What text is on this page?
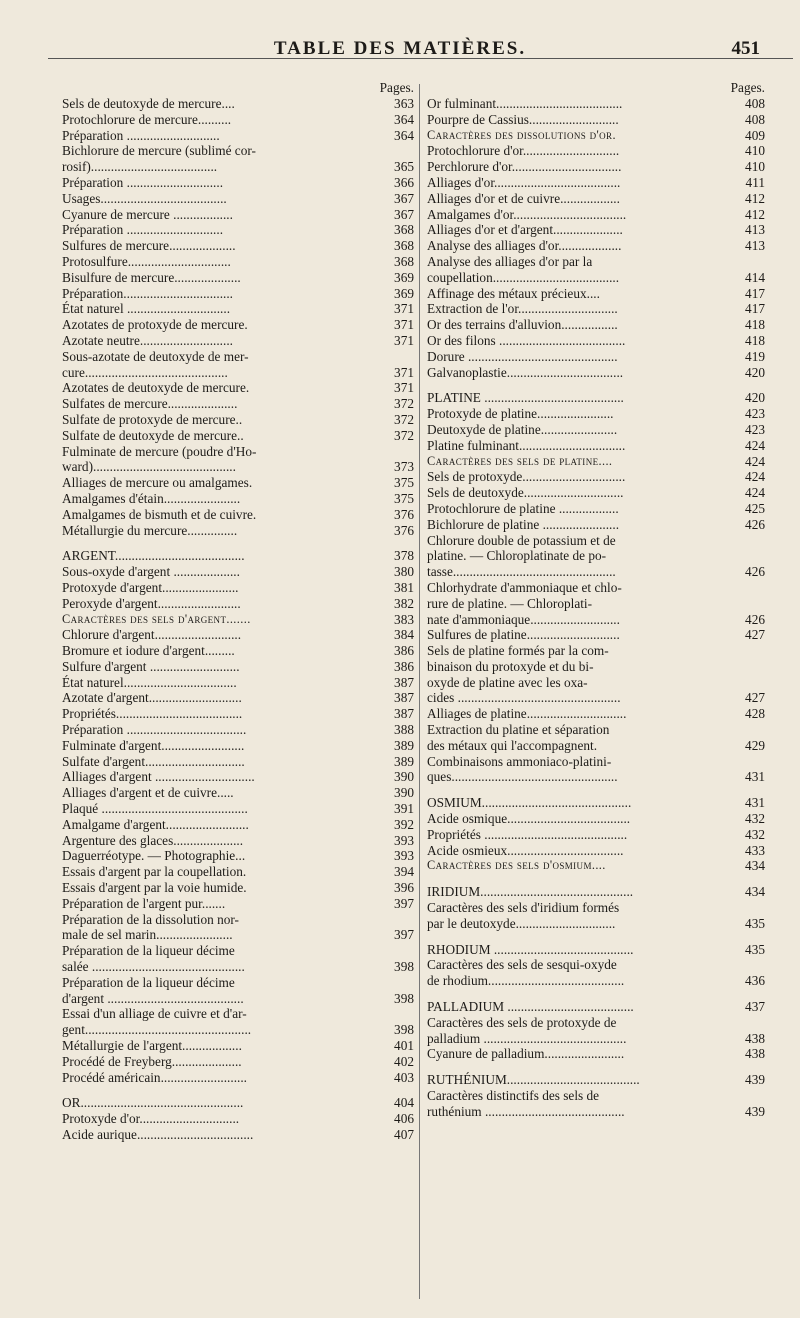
TABLE DES MATIÈRES.	451
Pages.
Sels de deutoxyde de mercure....	363
Protochlorure de mercure..........	364
Préparation ............................	364
Bichlorure de mercure (sublimé cor-
rosif)......................................	365
Préparation .............................	366
Usages......................................	367
Cyanure de mercure ..................	367
Préparation .............................	368
Sulfures de mercure....................	368
Protosulfure...............................	368
Bisulfure de mercure....................	369
Préparation.................................	369
État naturel ...............................	371
Azotates de protoxyde de mercure.	371
Azotate neutre............................	371
Sous-azotate de deutoxyde de mer-
cure...........................................	371
Azotates de deutoxyde de mercure.	371
Sulfates de mercure.....................	372
Sulfate de protoxyde de mercure..	372
Sulfate de deutoxyde de mercure..	372
Fulminate de mercure (poudre d'Ho-
ward)...........................................	373
Alliages de mercure ou amalgames.	375
Amalgames d'étain.......................	375
Amalgames de bismuth et de cuivre.	376
Métallurgie du mercure...............	376
ARGENT.......................................	378
Sous-oxyde d'argent ....................	380
Protoxyde d'argent.......................	381
Peroxyde d'argent.........................	382
Caractères des sels d'argent.......	383
Chlorure d'argent..........................	384
Bromure et iodure d'argent.........	386
Sulfure d'argent ...........................	386
État naturel..................................	387
Azotate d'argent............................	387
Propriétés......................................	387
Préparation ....................................	388
Fulminate d'argent.........................	389
Sulfate d'argent..............................	389
Alliages d'argent ..............................	390
Alliages d'argent et de cuivre.....	390
Plaqué ............................................	391
Amalgame d'argent.........................	392
Argenture des glaces.....................	393
Daguerréotype. — Photographie...	393
Essais d'argent par la coupellation.	394
Essais d'argent par la voie humide.	396
Préparation de l'argent pur.......	397
Préparation de la dissolution nor-
male de sel marin.......................	397
Préparation de la liqueur décime
salée ..............................................	398
Préparation de la liqueur décime
d'argent .........................................	398
Essai d'un alliage de cuivre et d'ar-
gent..................................................	398
Métallurgie de l'argent..................	401
Procédé de Freyberg.....................	402
Procédé américain..........................	403
OR.................................................	404
Protoxyde d'or..............................	406
Acide aurique...................................	407
Pages.
Or fulminant......................................	408
Pourpre de Cassius...........................	408
Caractères des dissolutions d'or.	409
Protochlorure d'or.............................	410
Perchlorure d'or.................................	410
Alliages d'or......................................	411
Alliages d'or et de cuivre..................	412
Amalgames d'or..................................	412
Alliages d'or et d'argent.....................	413
Analyse des alliages d'or...................	413
Analyse des alliages d'or par la
coupellation......................................	414
Affinage des métaux précieux....	417
Extraction de l'or..............................	417
Or des terrains d'alluvion.................	418
Or des filons ......................................	418
Dorure .............................................	419
Galvanoplastie...................................	420
PLATINE ..........................................	420
Protoxyde de platine.......................	423
Deutoxyde de platine.......................	423
Platine fulminant................................	424
Caractères des sels de platine....	424
Sels de protoxyde...............................	424
Sels de deutoxyde..............................	424
Protochlorure de platine ..................	425
Bichlorure de platine .......................	426
Chlorure double de potassium et de
platine. — Chloroplatinate de po-
tasse.................................................	426
Chlorhydrate d'ammoniaque et chlo-
rure de platine. — Chloroplati-
nate d'ammoniaque...........................	426
Sulfures de platine............................	427
Sels de platine formés par la com-
binaison du protoxyde et du bi-
oxyde de platine avec les oxa-
cides .................................................	427
Alliages de platine..............................	428
Extraction du platine et séparation
des métaux qui l'accompagnent.	429
Combinaisons ammoniaco-platini-
ques..................................................	431
OSMIUM.............................................	431
Acide osmique.....................................	432
Propriétés ...........................................	432
Acide osmieux...................................	433
Caractères des sels d'osmium....	434
IRIDIUM..............................................	434
Caractères des sels d'iridium formés
par le deutoxyde..............................	435
RHODIUM ..........................................	435
Caractères des sels de sesqui-oxyde
de rhodium.........................................	436
PALLADIUM ......................................	437
Caractères des sels de protoxyde de
palladium ...........................................	438
Cyanure de palladium........................	438
RUTHÉNIUM........................................	439
Caractères distinctifs des sels de
ruthénium ..........................................	439
